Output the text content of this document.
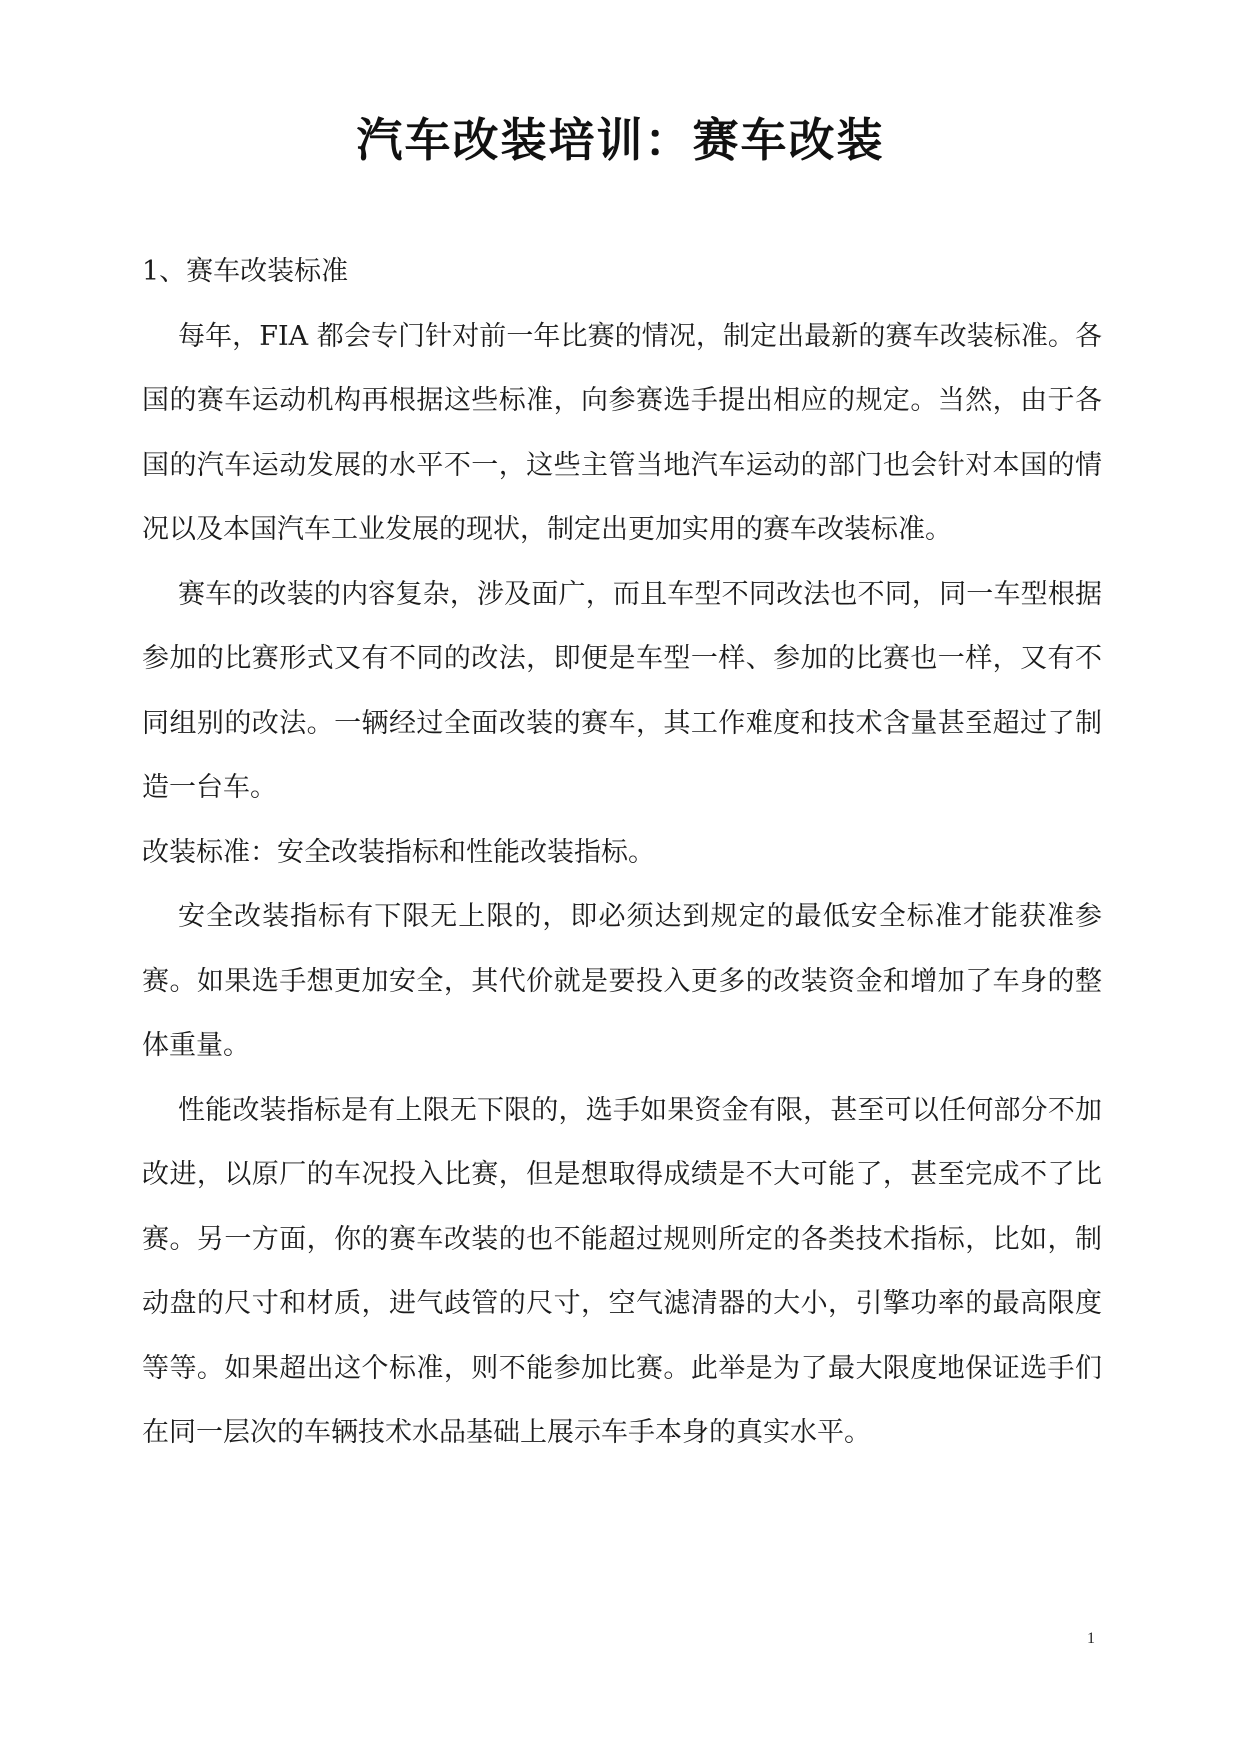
汽车改装培训：赛车改装

1、赛车改装标准

每年，FIA 都会专门针对前一年比赛的情况，制定出最新的赛车改装标准。各国的赛车运动机构再根据这些标准，向参赛选手提出相应的规定。当然，由于各国的汽车运动发展的水平不一，这些主管当地汽车运动的部门也会针对本国的情况以及本国汽车工业发展的现状，制定出更加实用的赛车改装标准。

赛车的改装的内容复杂，涉及面广，而且车型不同改法也不同，同一车型根据参加的比赛形式又有不同的改法，即便是车型一样、参加的比赛也一样，又有不同组别的改法。一辆经过全面改装的赛车，其工作难度和技术含量甚至超过了制造一台车。

改装标准：安全改装指标和性能改装指标。

安全改装指标有下限无上限的，即必须达到规定的最低安全标准才能获准参赛。如果选手想更加安全，其代价就是要投入更多的改装资金和增加了车身的整体重量。

性能改装指标是有上限无下限的，选手如果资金有限，甚至可以任何部分不加改进，以原厂的车况投入比赛，但是想取得成绩是不大可能了，甚至完成不了比赛。另一方面，你的赛车改装的也不能超过规则所定的各类技术指标，比如，制动盘的尺寸和材质，进气歧管的尺寸，空气滤清器的大小，引擎功率的最高限度等等。如果超出这个标准，则不能参加比赛。此举是为了最大限度地保证选手们在同一层次的车辆技术水品基础上展示车手本身的真实水平。

1
